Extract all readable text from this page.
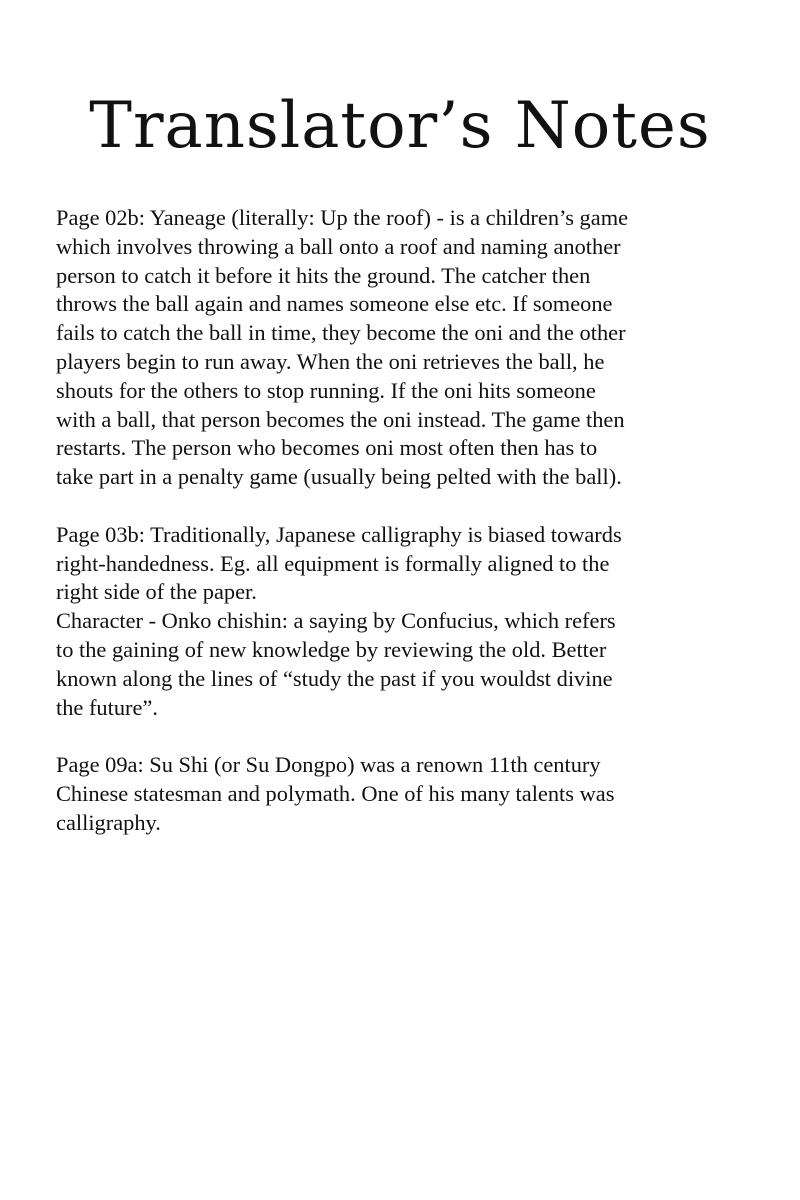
Translator’s Notes

Page 02b: Yaneage (literally: Up the roof) - is a children’s game
which involves throwing a ball onto a roof and naming another
person to catch it before it hits the ground. The catcher then
throws the ball again and names someone else etc. If someone
fails to catch the ball in time, they become the oni and the other
players begin to run away. When the oni retrieves the ball, he
shouts for the others to stop running. If the oni hits someone
with a ball, that person becomes the oni instead. The game then
restarts. The person who becomes oni most often then has to
take part in a penalty game (usually being pelted with the ball).

Page 03b: Traditionally, Japanese calligraphy is biased towards
right-handedness. Eg. all equipment is formally aligned to the
right side of the paper.
Character - Onko chishin: a saying by Confucius, which refers
to the gaining of new knowledge by reviewing the old. Better
known along the lines of “study the past if you wouldst divine
the future”.

Page 09a: Su Shi (or Su Dongpo) was a renown 11th century
Chinese statesman and polymath. One of his many talents was
calligraphy.
